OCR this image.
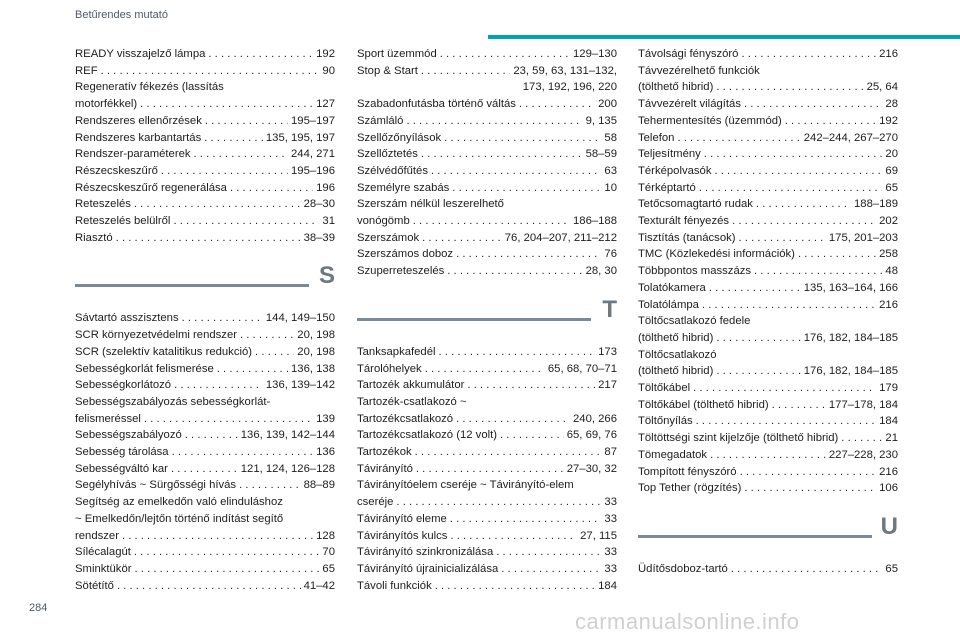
Betűrendes mutató
READY visszajelző lámpa . . .	192
REF . . .	90
Regeneratív fékezés (lassítás
motorfékkel) . . .	127
Rendszeres ellenőrzések . . .	195–197
Rendszeres karbantartás . . .	135, 195, 197
Rendszer-paraméterek . . .	244, 271
Részecskeszűrő . . .	195–196
Részecskeszűrő regenerálása . . .	196
Reteszelés . . .	28–30
Reteszelés belülről . . .	31
Riasztó . . .	38–39
S
Sávtartó asszisztens . . .	144, 149–150
SCR környezetvédelmi rendszer . . .	20, 198
SCR (szelektív katalitikus redukció) . . .	20, 198
Sebességkorlát felismerése . . .	136, 138
Sebességkorlátozó . . .	136, 139–142
Sebességszabályozás sebességkorlát-
felismeréssel . . .	139
Sebességszabályozó . . .	136, 139, 142–144
Sebesség tárolása . . .	136
Sebességváltó kar . . .	121, 124, 126–128
Segélyhívás ~ Sürgősségi hívás . . .	88–89
Segítség az emelkedőn való elinduláshoz
~ Emelkedőn/lejtőn történő indítást segítő
rendszer . . .	128
Sílécalagút . . .	70
Sminktükör . . .	65
Sötétítő . . .	41–42
Sport üzemmód . . .	129–130
Stop & Start . . .	23, 59, 63, 131–132,
173, 192, 196, 220
Szabadonfutásba történő váltás . . .	200
Számláló . . .	9, 135
Szellőzőnyílások . . .	58
Szellőztetés . . .	58–59
Szélvédőfűtés . . .	63
Személyre szabás . . .	10
Szerszám nélkül leszerelhető
vonógömb . . .	186–188
Szerszámok . . .	76, 204–207, 211–212
Szerszámos doboz . . .	76
Szuperreteszelés . . .	28, 30
T
Tanksapkafedél . . .	173
Tárolóhelyek . . .	65, 68, 70–71
Tartozék akkumulátor . . .	217
Tartozék-csatlakozó ~
Tartozékcsatlakozó . . .	240, 266
Tartozékcsatlakozó (12 volt) . . .	65, 69, 76
Tartozékok . . .	87
Távirányító . . .	27–30, 32
Távirányítóelem cseréje ~ Távirányító-elem
cseréje . . .	33
Távirányító eleme . . .	33
Távirányítós kulcs . . .	27, 115
Távirányító szinkronizálása . . .	33
Távirányító újrainicializálása . . .	33
Távoli funkciók . . .	184
Távolsági fényszóró . . .	216
Távvezérelhető funkciók
(tölthető hibrid) . . .	25, 64
Távvezérelt világítás . . .	28
Tehermentesítés (üzemmód) . . .	192
Telefon . . .	242–244, 267–270
Teljesítmény . . .	20
Térképolvasók . . .	69
Térképtartó . . .	65
Tetőcsomagtartó rudak . . .	188–189
Texturált fényezés . . .	202
Tisztítás (tanácsok) . . .	175, 201–203
TMC (Közlekedési információk) . . .	258
Többpontos masszázs . . .	48
Tolatókamera . . .	135, 163–164, 166
Tolatólámpa . . .	216
Töltőcsatlakozó fedele
(tölthető hibrid) . . .	176, 182, 184–185
Töltőcsatlakozó
(tölthető hibrid) . . .	176, 182, 184–185
Töltőkábel . . .	179
Töltőkábel (tölthető hibrid) . . .	177–178, 184
Töltőnyílás . . .	184
Töltöttségi szint kijelzője (tölthető hibrid) . . .	21
Tömegadatok . . .	227–228, 230
Tompított fényszóró . . .	216
Top Tether (rögzítés) . . .	106
U
Üdítősdoboz-tartó . . .	65
284
carmanualsonline.info
